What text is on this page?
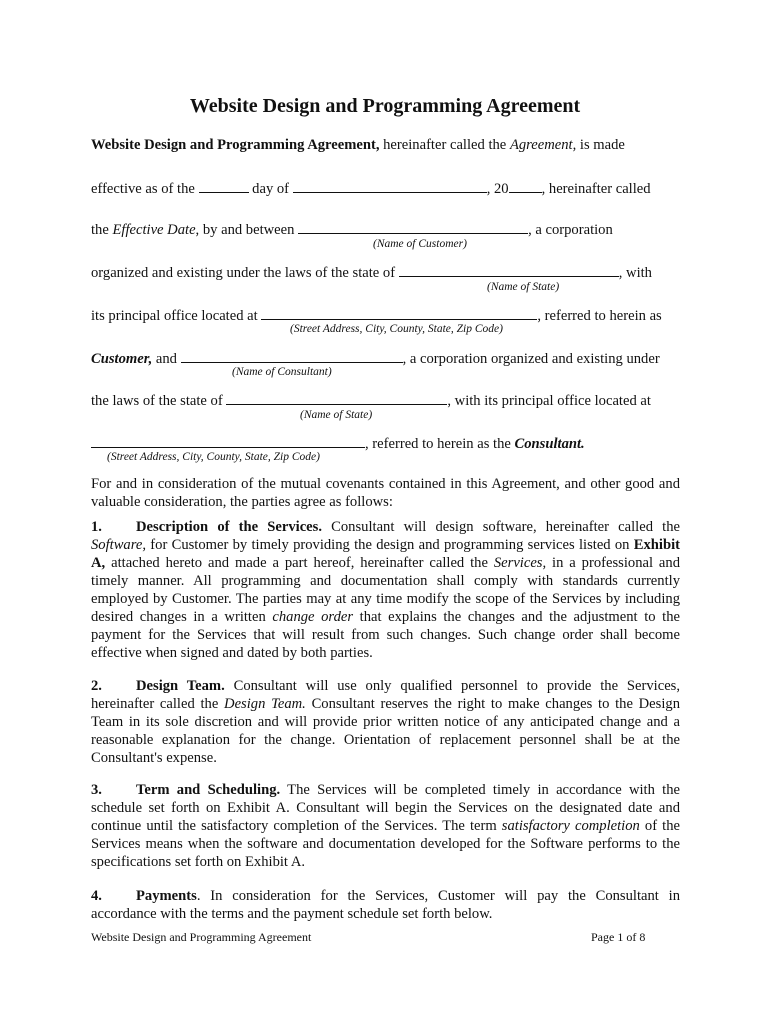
Website Design and Programming Agreement
Website Design and Programming Agreement, hereinafter called the Agreement, is made
effective as of the	day of	, 20 , hereinafter called
the Effective Date, by and between	, a corporation
(Name of Customer)
organized and existing under the laws of the state of	, with
(Name of State)
its principal office located at	, referred to herein as
(Street Address, City, County, State, Zip Code)
Customer, and	, a corporation organized and existing under
(Name of Consultant)
the laws of the state of	, with its principal office located at
(Name of State)
, referred to herein as the Consultant.
(Street Address, City, County, State, Zip Code)
For and in consideration of the mutual covenants contained in this Agreement, and other good and valuable consideration, the parties agree as follows:
1. Description of the Services. Consultant will design software, hereinafter called the Software, for Customer by timely providing the design and programming services listed on Exhibit A, attached hereto and made a part hereof, hereinafter called the Services, in a professional and timely manner. All programming and documentation shall comply with standards currently employed by Customer. The parties may at any time modify the scope of the Services by including desired changes in a written change order that explains the changes and the adjustment to the payment for the Services that will result from such changes. Such change order shall become effective when signed and dated by both parties.
2. Design Team. Consultant will use only qualified personnel to provide the Services, hereinafter called the Design Team. Consultant reserves the right to make changes to the Design Team in its sole discretion and will provide prior written notice of any anticipated change and a reasonable explanation for the change. Orientation of replacement personnel shall be at the Consultant's expense.
3. Term and Scheduling. The Services will be completed timely in accordance with the schedule set forth on Exhibit A. Consultant will begin the Services on the designated date and continue until the satisfactory completion of the Services. The term satisfactory completion of the Services means when the software and documentation developed for the Software performs to the specifications set forth on Exhibit A.
4. Payments. In consideration for the Services, Customer will pay the Consultant in accordance with the terms and the payment schedule set forth below.
Website Design and Programming Agreement	Page 1 of 8
